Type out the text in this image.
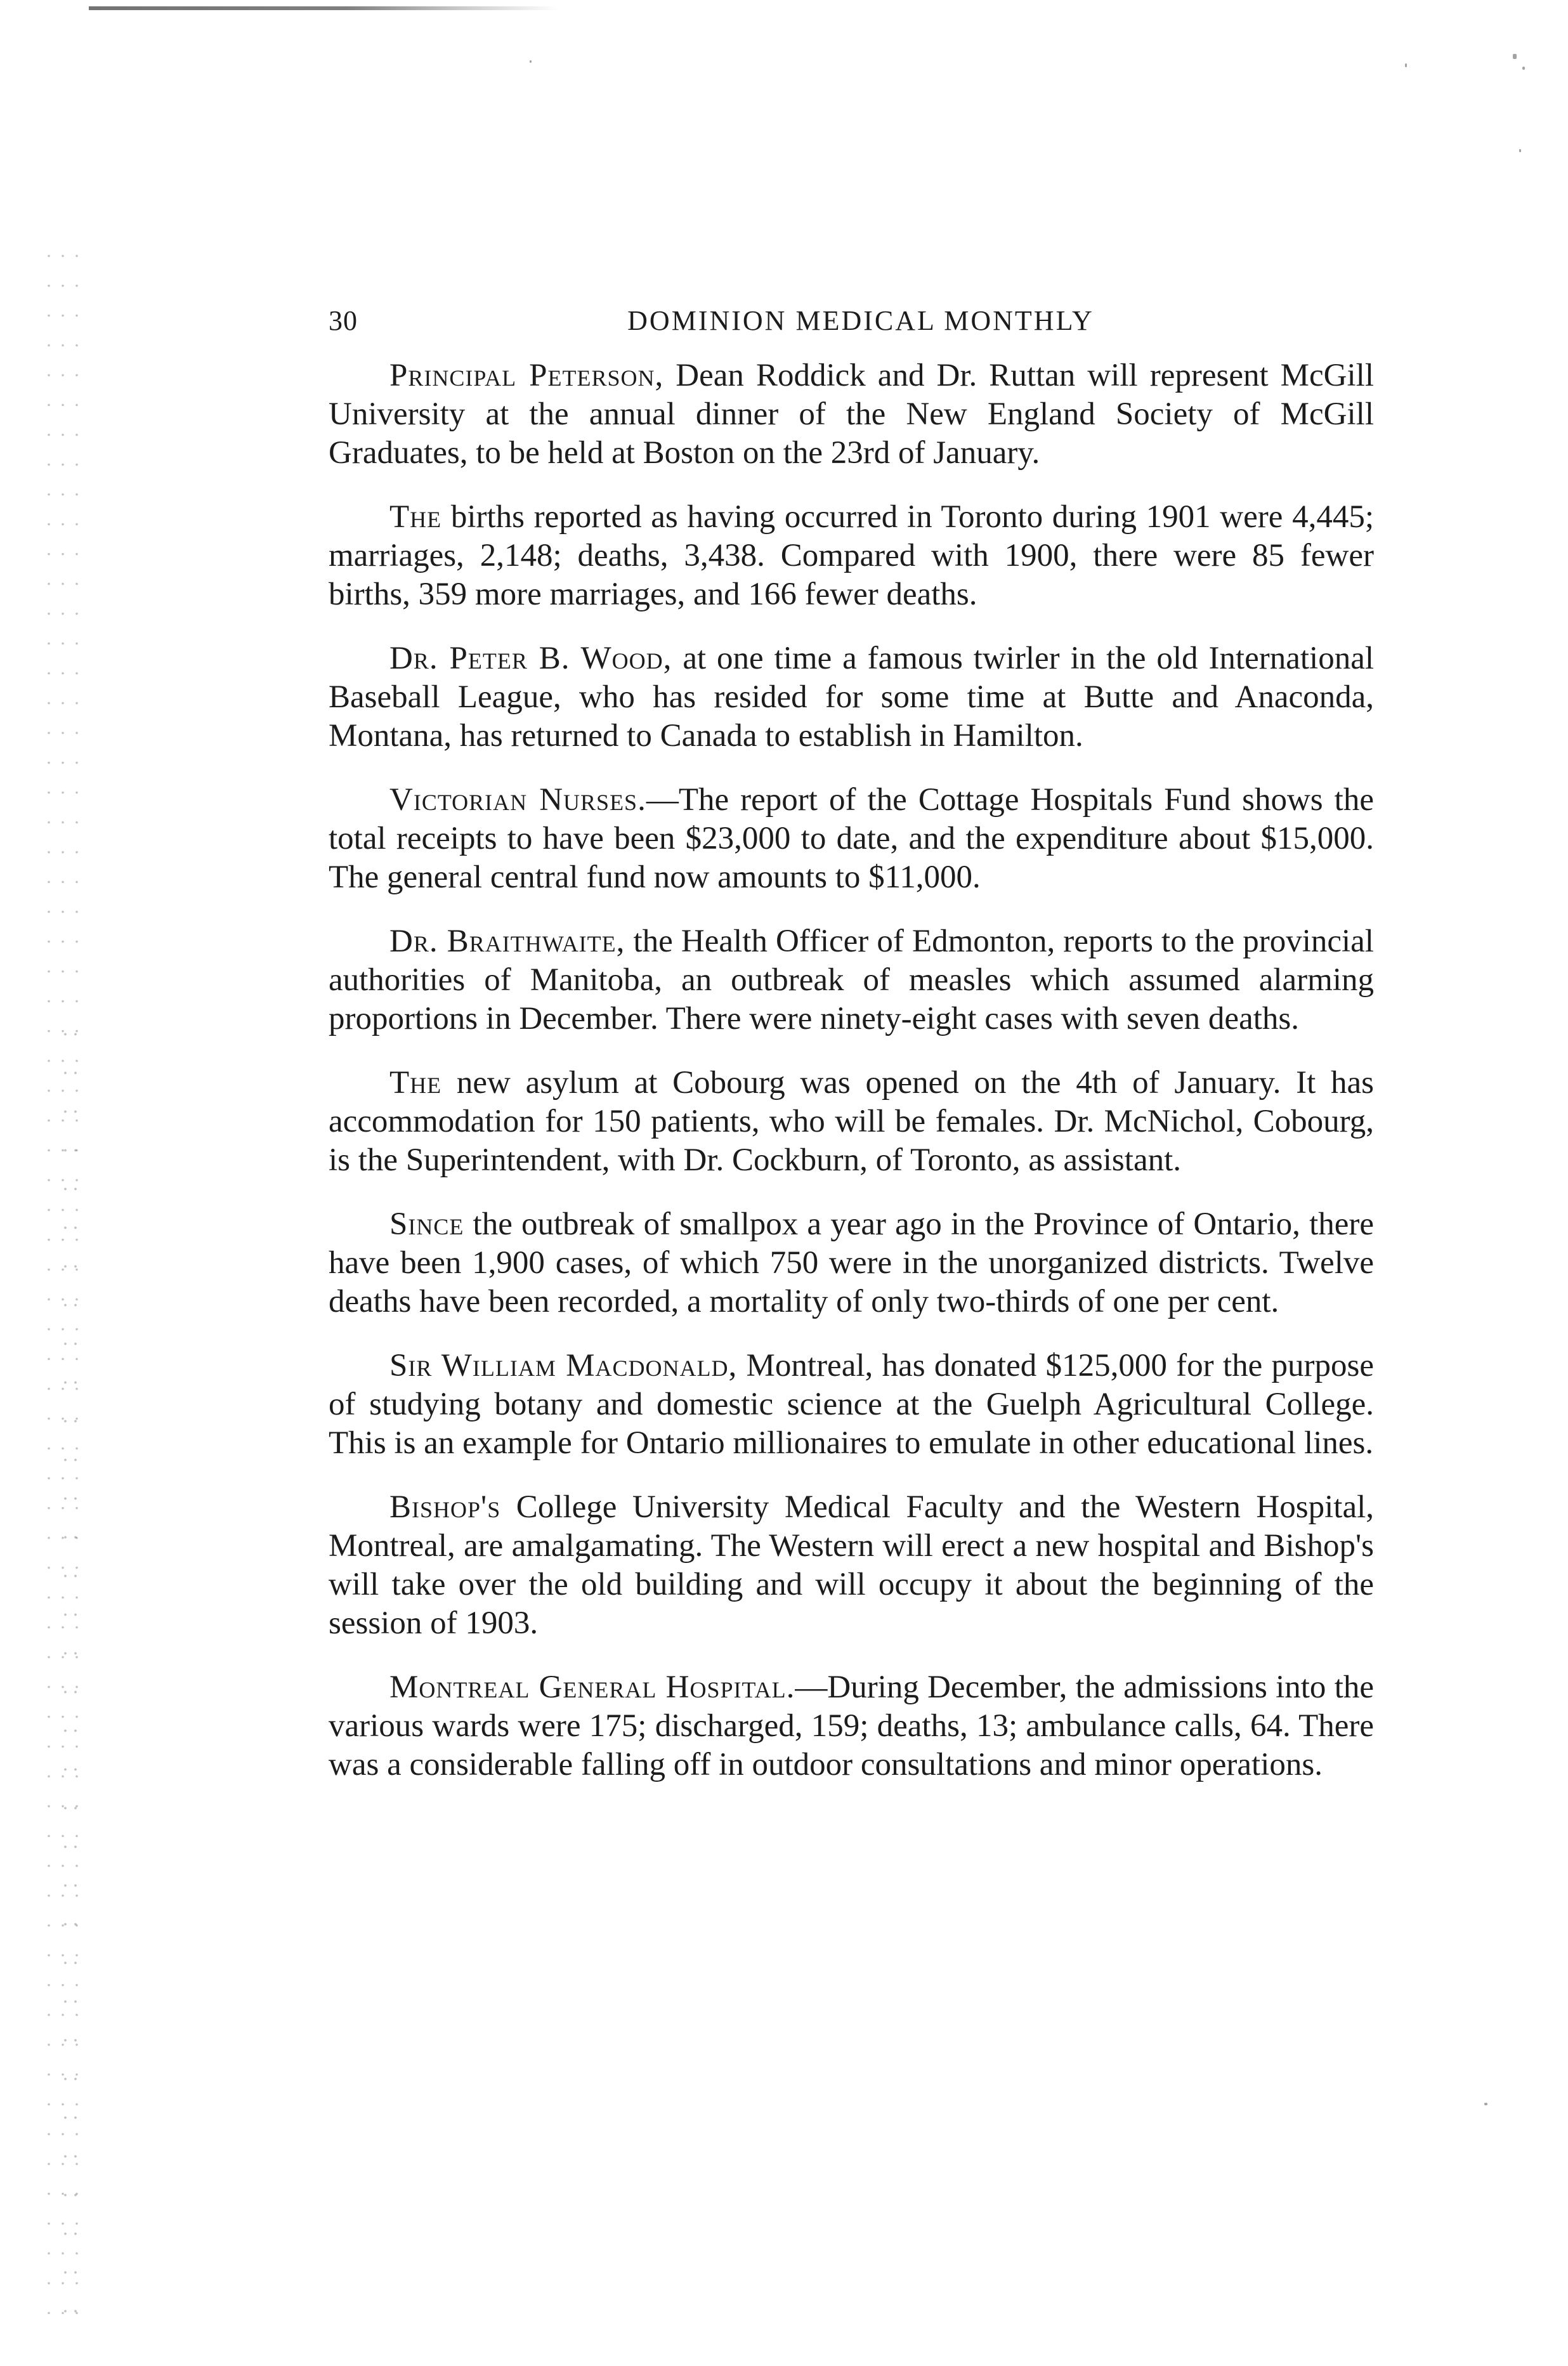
30	DOMINION MEDICAL MONTHLY

Principal Peterson, Dean Roddick and Dr. Ruttan will represent McGill University at the annual dinner of the New England Society of McGill Graduates, to be held at Boston on the 23rd of January.

The births reported as having occurred in Toronto during 1901 were 4,445; marriages, 2,148; deaths, 3,438. Compared with 1900, there were 85 fewer births, 359 more marriages, and 166 fewer deaths.

Dr. Peter B. Wood, at one time a famous twirler in the old International Baseball League, who has resided for some time at Butte and Anaconda, Montana, has returned to Canada to establish in Hamilton.

Victorian Nurses.—The report of the Cottage Hospitals Fund shows the total receipts to have been $23,000 to date, and the expenditure about $15,000. The general central fund now amounts to $11,000.

Dr. Braithwaite, the Health Officer of Edmonton, reports to the provincial authorities of Manitoba, an outbreak of measles which assumed alarming proportions in December. There were ninety-eight cases with seven deaths.

The new asylum at Cobourg was opened on the 4th of January. It has accommodation for 150 patients, who will be females. Dr. McNichol, Cobourg, is the Superintendent, with Dr. Cockburn, of Toronto, as assistant.

Since the outbreak of smallpox a year ago in the Province of Ontario, there have been 1,900 cases, of which 750 were in the unorganized districts. Twelve deaths have been recorded, a mortality of only two-thirds of one per cent.

Sir William Macdonald, Montreal, has donated $125,000 for the purpose of studying botany and domestic science at the Guelph Agricultural College. This is an example for Ontario millionaires to emulate in other educational lines.

Bishop's College University Medical Faculty and the Western Hospital, Montreal, are amalgamating. The Western will erect a new hospital and Bishop's will take over the old building and will occupy it about the beginning of the session of 1903.

Montreal General Hospital.—During December, the admissions into the various wards were 175; discharged, 159; deaths, 13; ambulance calls, 64. There was a considerable falling off in outdoor consultations and minor operations.
